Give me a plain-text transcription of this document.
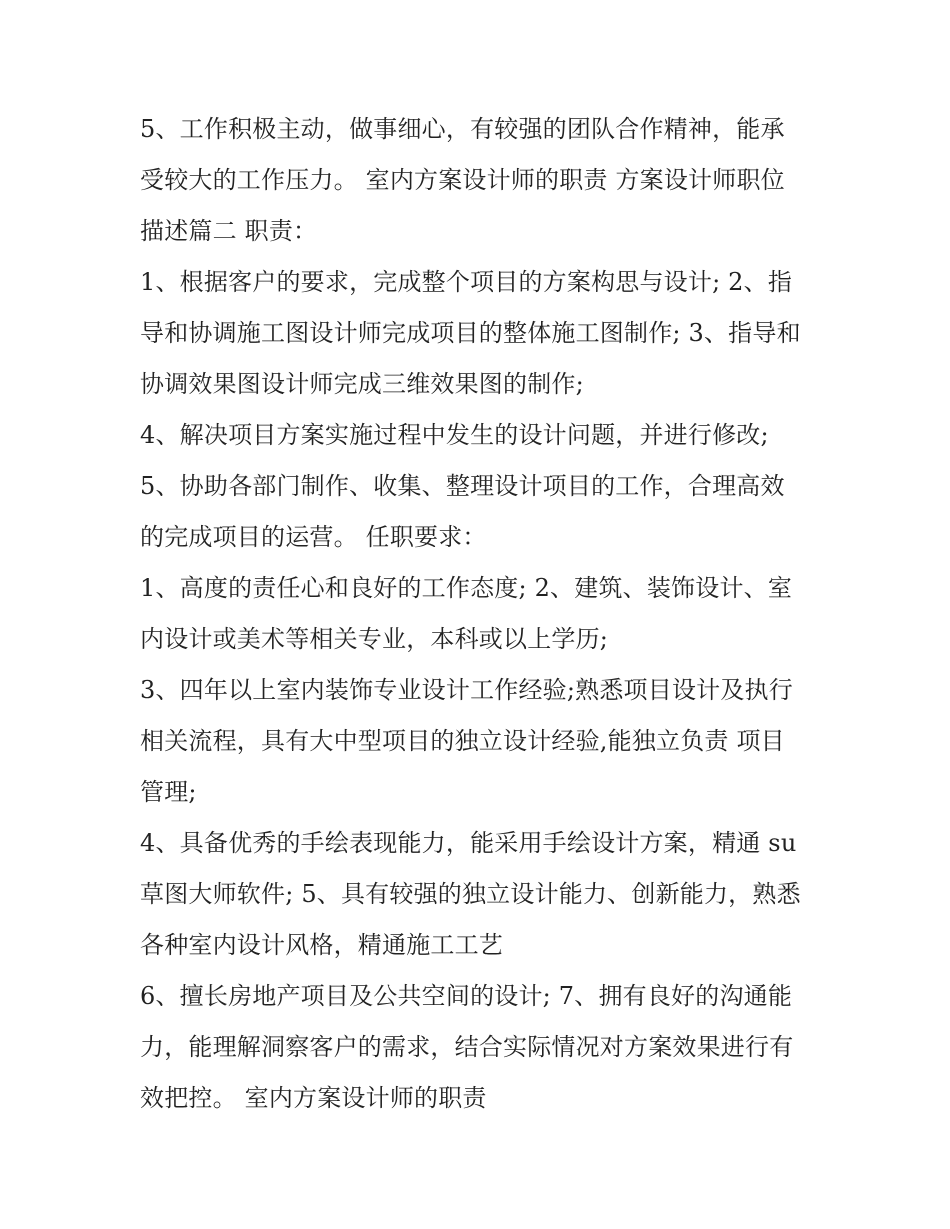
5、工作积极主动，做事细心，有较强的团队合作精神，能承
受较大的工作压力。 室内方案设计师的职责 方案设计师职位
描述篇二 职责：
1、根据客户的要求，完成整个项目的方案构思与设计; 2、指
导和协调施工图设计师完成项目的整体施工图制作; 3、指导和
协调效果图设计师完成三维效果图的制作;
4、解决项目方案实施过程中发生的设计问题，并进行修改;
5、协助各部门制作、收集、整理设计项目的工作，合理高效
的完成项目的运营。 任职要求：
1、高度的责任心和良好的工作态度; 2、建筑、装饰设计、室
内设计或美术等相关专业，本科或以上学历;
3、四年以上室内装饰专业设计工作经验;熟悉项目设计及执行
相关流程，具有大中型项目的独立设计经验,能独立负责 项目
管理;
4、具备优秀的手绘表现能力，能采用手绘设计方案，精通 su
草图大师软件; 5、具有较强的独立设计能力、创新能力，熟悉
各种室内设计风格，精通施工工艺
6、擅长房地产项目及公共空间的设计; 7、拥有良好的沟通能
力，能理解洞察客户的需求，结合实际情况对方案效果进行有
效把控。 室内方案设计师的职责
